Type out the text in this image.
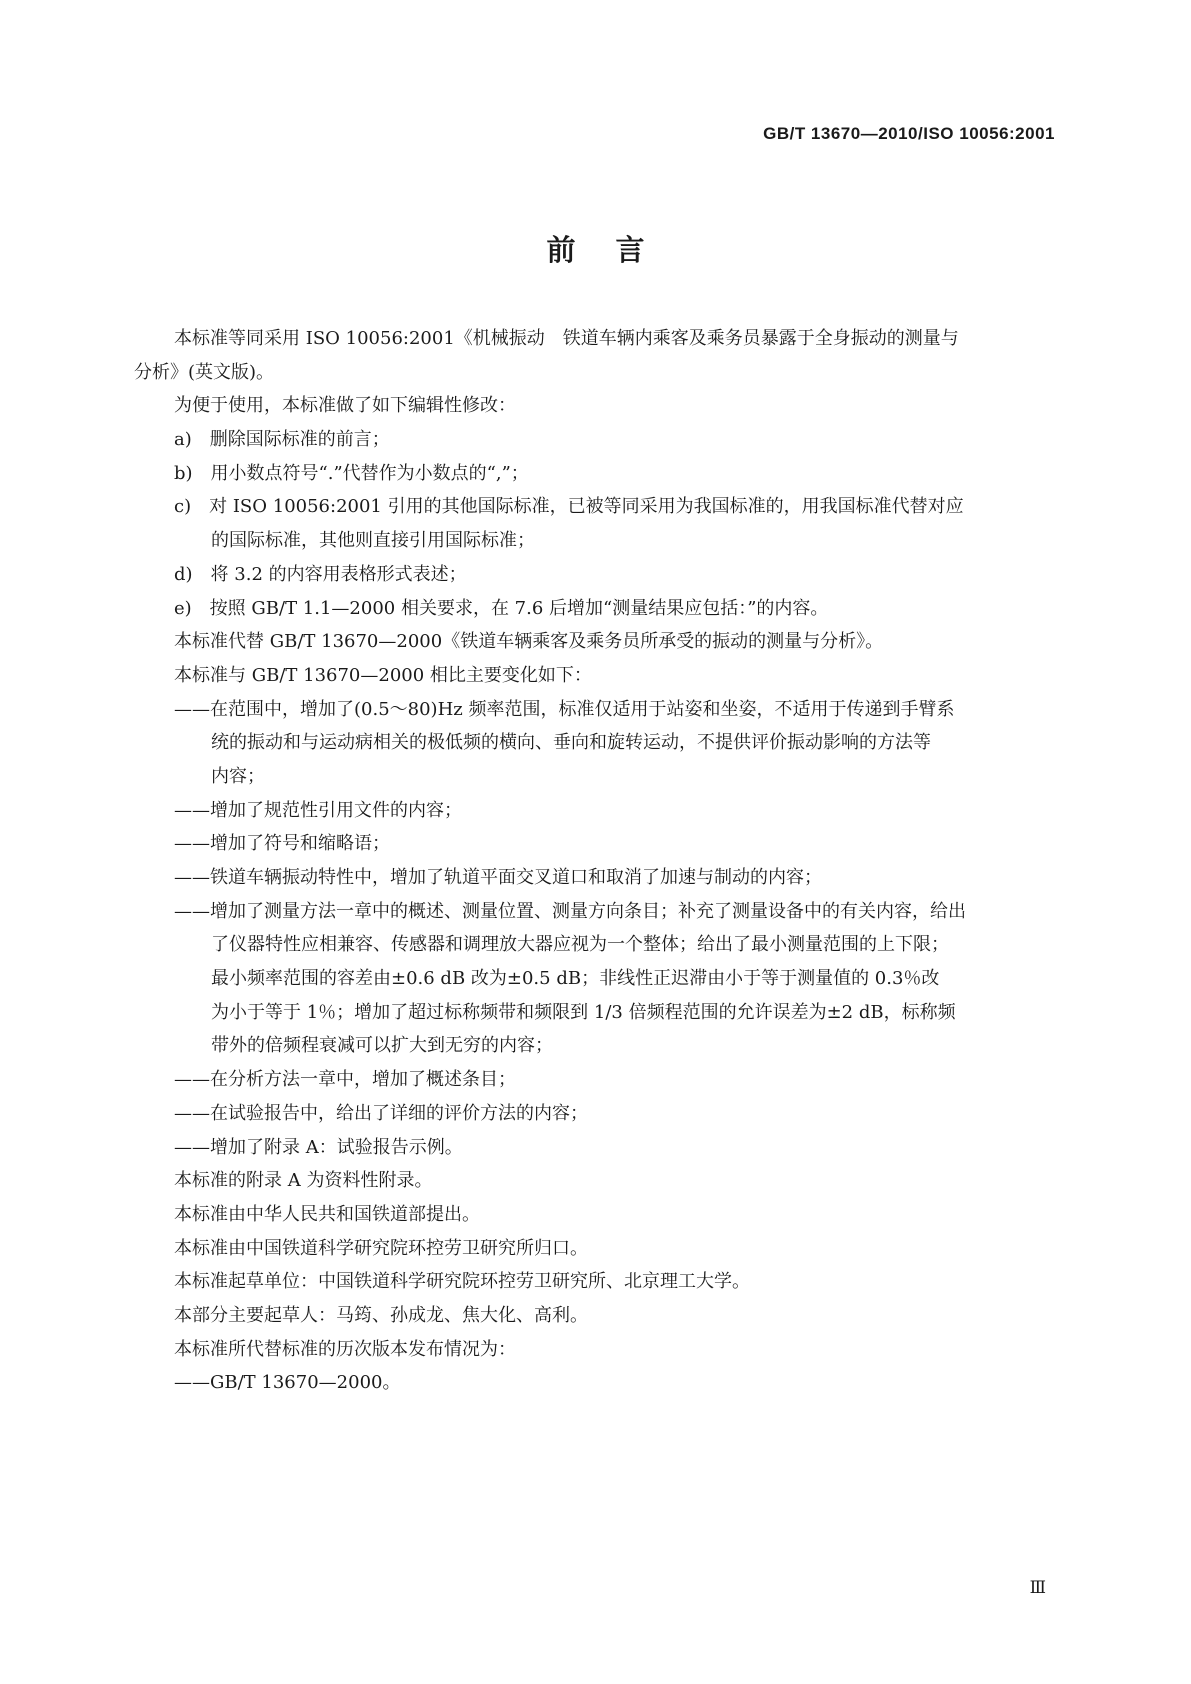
GB/T 13670—2010/ISO 10056:2001
前言
本标准等同采用 ISO 10056:2001《机械振动　铁道车辆内乘客及乘务员暴露于全身振动的测量与
分析》(英文版)。
为便于使用，本标准做了如下编辑性修改：
a)　删除国际标准的前言；
b)　用小数点符号“.”代替作为小数点的“,”；
c)　对 ISO 10056:2001 引用的其他国际标准，已被等同采用为我国标准的，用我国标准代替对应
的国际标准，其他则直接引用国际标准；
d)　将 3.2 的内容用表格形式表述；
e)　按照 GB/T 1.1—2000 相关要求，在 7.6 后增加“测量结果应包括：”的内容。
本标准代替 GB/T 13670—2000《铁道车辆乘客及乘务员所承受的振动的测量与分析》。
本标准与 GB/T 13670—2000 相比主要变化如下：
——在范围中，增加了(0.5～80)Hz 频率范围，标准仅适用于站姿和坐姿，不适用于传递到手臂系
统的振动和与运动病相关的极低频的横向、垂向和旋转运动，不提供评价振动影响的方法等
内容；
——增加了规范性引用文件的内容；
——增加了符号和缩略语；
——铁道车辆振动特性中，增加了轨道平面交叉道口和取消了加速与制动的内容；
——增加了测量方法一章中的概述、测量位置、测量方向条目；补充了测量设备中的有关内容，给出
了仪器特性应相兼容、传感器和调理放大器应视为一个整体；给出了最小测量范围的上下限；
最小频率范围的容差由±0.6 dB 改为±0.5 dB；非线性正迟滞由小于等于测量值的 0.3％改
为小于等于 1％；增加了超过标称频带和频限到 1/3 倍频程范围的允许误差为±2 dB，标称频
带外的倍频程衰减可以扩大到无穷的内容；
——在分析方法一章中，增加了概述条目；
——在试验报告中，给出了详细的评价方法的内容；
——增加了附录 A：试验报告示例。
本标准的附录 A 为资料性附录。
本标准由中华人民共和国铁道部提出。
本标准由中国铁道科学研究院环控劳卫研究所归口。
本标准起草单位：中国铁道科学研究院环控劳卫研究所、北京理工大学。
本部分主要起草人：马筠、孙成龙、焦大化、高利。
本标准所代替标准的历次版本发布情况为：
——GB/T 13670—2000。
Ⅲ
